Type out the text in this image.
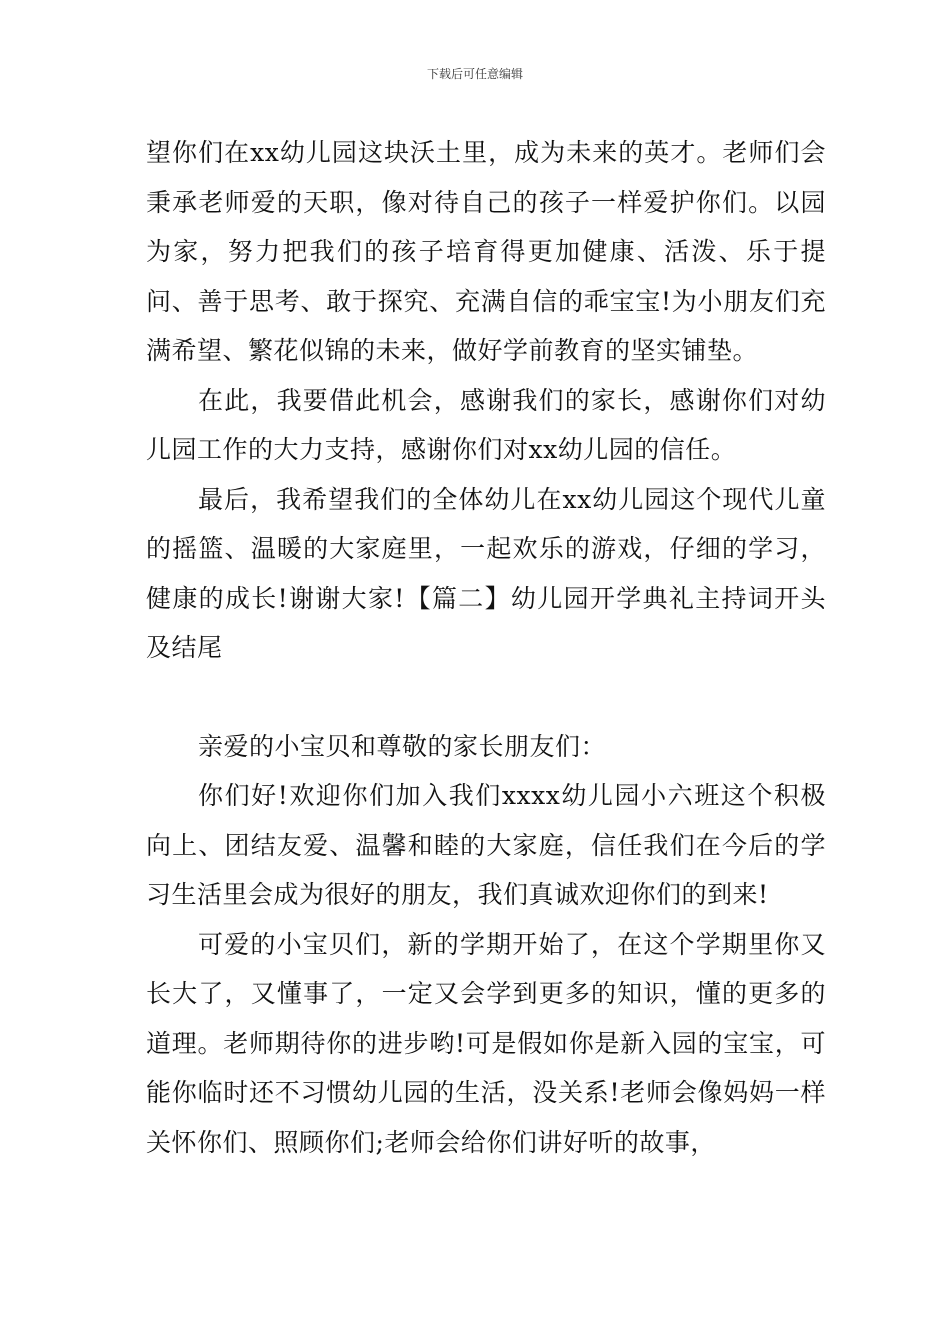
下载后可任意编辑

望你们在xx幼儿园这块沃土里，成为未来的英才。老师们会秉承老师爱的天职，像对待自己的孩子一样爱护你们。以园为家，努力把我们的孩子培育得更加健康、活泼、乐于提问、善于思考、敢于探究、充满自信的乖宝宝!为小朋友们充满希望、繁花似锦的未来，做好学前教育的坚实铺垫。

在此，我要借此机会，感谢我们的家长，感谢你们对幼儿园工作的大力支持，感谢你们对xx幼儿园的信任。

最后，我希望我们的全体幼儿在xx幼儿园这个现代儿童的摇篮、温暖的大家庭里，一起欢乐的游戏，仔细的学习，健康的成长!谢谢大家!【篇二】幼儿园开学典礼主持词开头及结尾

亲爱的小宝贝和尊敬的家长朋友们：

你们好!欢迎你们加入我们xxxx幼儿园小六班这个积极向上、团结友爱、温馨和睦的大家庭，信任我们在今后的学习生活里会成为很好的朋友，我们真诚欢迎你们的到来!

可爱的小宝贝们，新的学期开始了，在这个学期里你又长大了，又懂事了，一定又会学到更多的知识，懂的更多的道理。老师期待你的进步哟!可是假如你是新入园的宝宝，可能你临时还不习惯幼儿园的生活，没关系!老师会像妈妈一样关怀你们、照顾你们;老师会给你们讲好听的故事，
